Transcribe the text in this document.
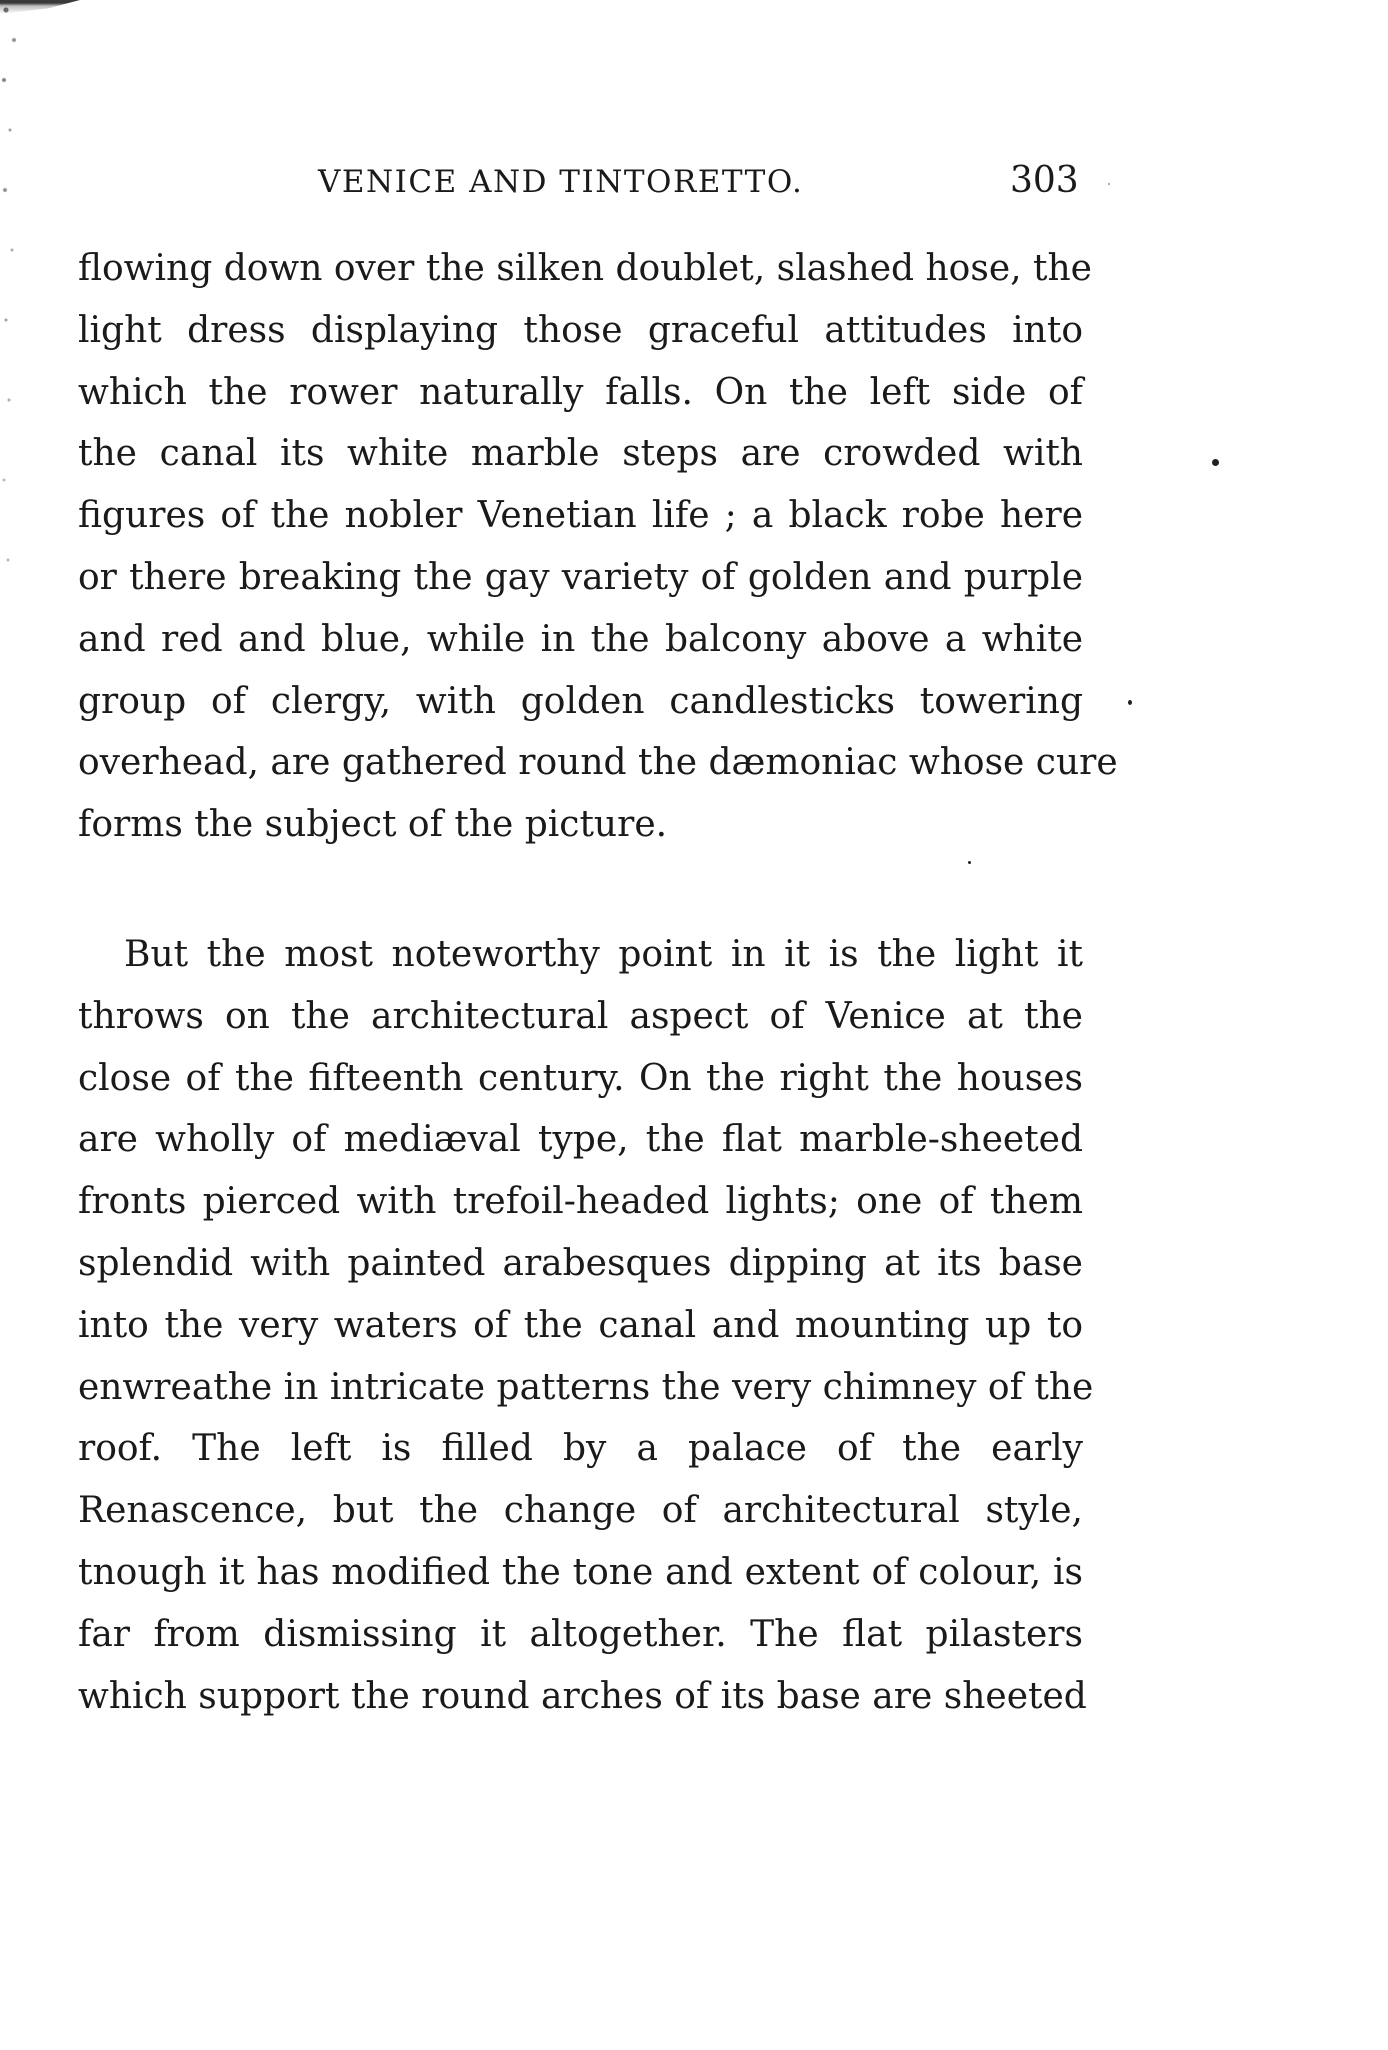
VENICE AND TINTORETTO.	303
flowing down over the silken doublet, slashed hose, the
light dress displaying those graceful attitudes into
which the rower naturally falls. On the left side of
the canal its white marble steps are crowded with
figures of the nobler Venetian life ; a black robe here
or there breaking the gay variety of golden and purple
and red and blue, while in the balcony above a white
group of clergy, with golden candlesticks towering
overhead, are gathered round the dæmoniac whose cure
forms the subject of the picture.
But the most noteworthy point in it is the light it
throws on the architectural aspect of Venice at the
close of the fifteenth century. On the right the houses
are wholly of mediæval type, the flat marble-sheeted
fronts pierced with trefoil-headed lights; one of them
splendid with painted arabesques dipping at its base
into the very waters of the canal and mounting up to
enwreathe in intricate patterns the very chimney of the
roof. The left is filled by a palace of the early
Renascence, but the change of architectural style,
tnough it has modified the tone and extent of colour, is
far from dismissing it altogether. The flat pilasters
which support the round arches of its base are sheeted
